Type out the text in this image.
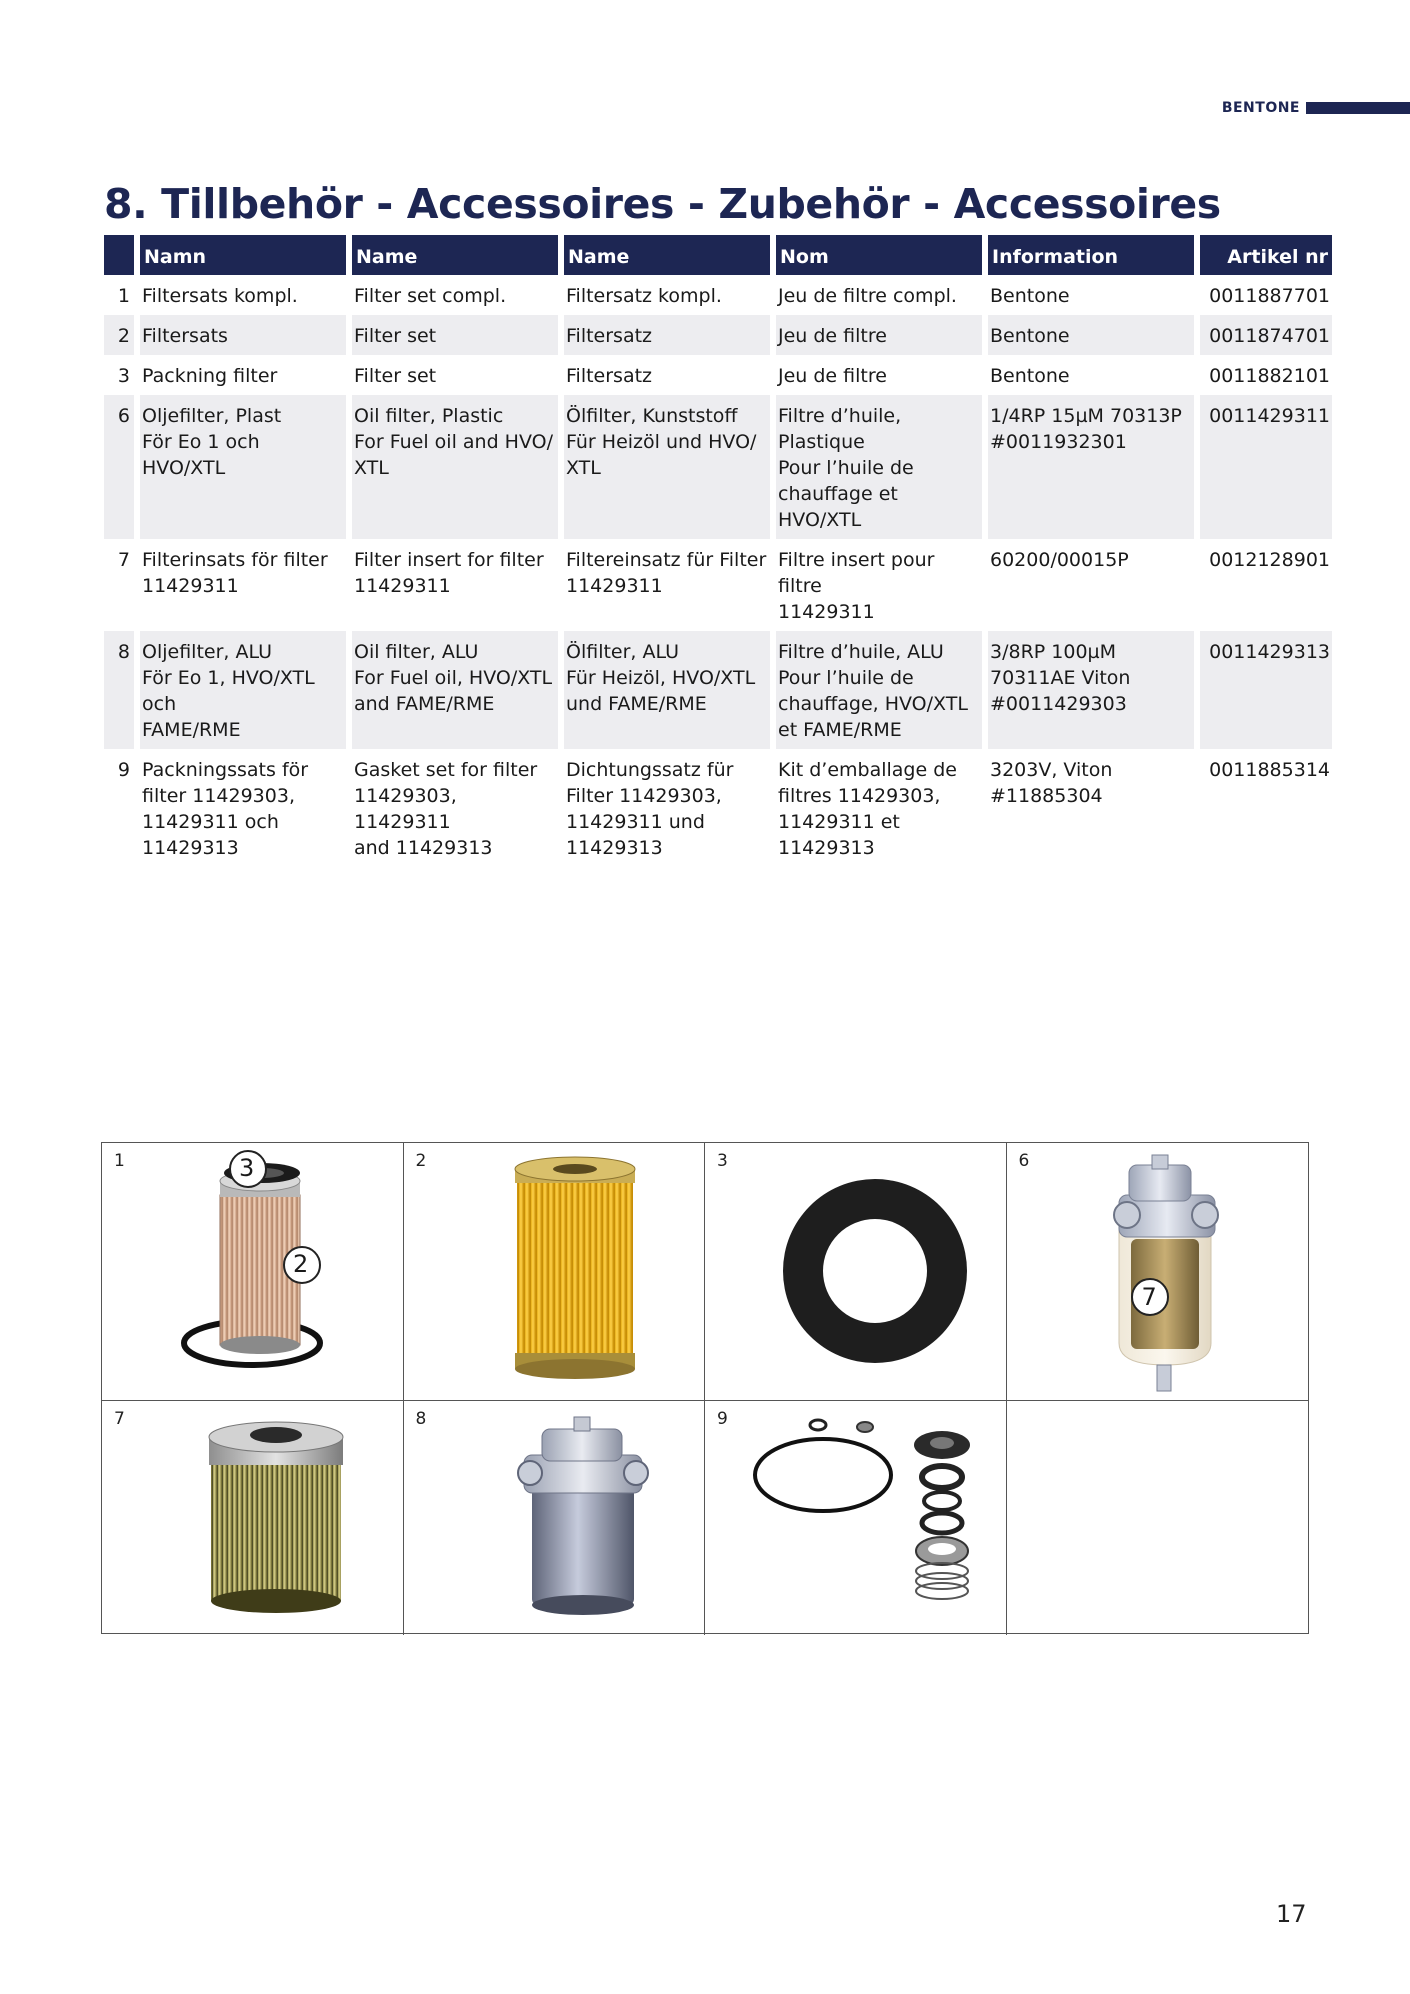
BENTONE
8. Tillbehör - Accessoires - Zubehör - Accessoires
	Namn	Name	Name	Nom	Information	Artikel nr
1	Filtersats kompl.	Filter set compl.	Filtersatz kompl.	Jeu de filtre compl.	Bentone	0011887701
2	Filtersats	Filter set	Filtersatz	Jeu de filtre	Bentone	0011874701
3	Packning filter	Filter set	Filtersatz	Jeu de filtre	Bentone	0011882101
6	Oljefilter, Plast
För Eo 1 och HVO/XTL	Oil filter, Plastic
For Fuel oil and HVO/
XTL	Ölfilter, Kunststoff
Für Heizöl und HVO/
XTL	Filtre d’huile,
Plastique
Pour l’huile de
chauffage et HVO/XTL	1/4RP 15µM 70313P
#0011932301	0011429311
7	Filterinsats för filter
11429311	Filter insert for filter
11429311	Filtereinsatz für Filter
11429311	Filtre insert pour filtre
11429311	60200/00015P	0012128901
8	Oljefilter, ALU
För Eo 1, HVO/XTL och
FAME/RME	Oil filter, ALU
For Fuel oil, HVO/XTL
and FAME/RME	Ölfilter, ALU
Für Heizöl, HVO/XTL
und FAME/RME	Filtre d’huile, ALU
Pour l’huile de
chauffage, HVO/XTL
et FAME/RME	3/8RP 100µM
70311AE Viton
#0011429303	0011429313
9	Packningssats för
filter 11429303,
11429311 och
11429313	Gasket set for filter
11429303, 11429311
and 11429313	Dichtungssatz für
Filter 11429303,
11429311 und
11429313	Kit d’emballage de
filtres 11429303,
11429311 et
11429313	3203V, Viton
#11885304	0011885314
1	3
2
2	3	6
7
7	8	9
17
